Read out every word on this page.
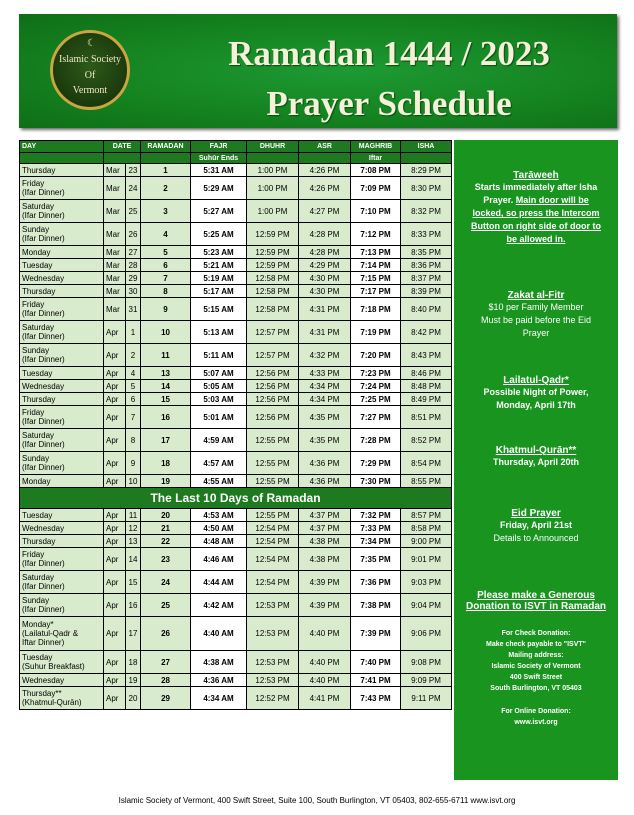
☾
Islamic Society
Of
Vermont
Ramadan 1444 / 2023
Prayer Schedule
DAY	DATE		RAMADAN	FAJR	DHUHR	ASR	MAGHRIB	ISHA
				Suhūr Ends			Iftar	

Thursday	Mar	23	1	5:31 AM	1:00 PM	4:26 PM	7:08 PM	8:29 PM

Friday
(Ifar Dinner)	Mar	24	2	5:29 AM	1:00 PM	4:26 PM	7:09 PM	8:30 PM

Saturday
(Ifar Dinner)	Mar	25	3	5:27 AM	1:00 PM	4:27 PM	7:10 PM	8:32 PM

Sunday
(Ifar Dinner)	Mar	26	4	5:25 AM	12:59 PM	4:28 PM	7:12 PM	8:33 PM

Monday	Mar	27	5	5:23 AM	12:59 PM	4:28 PM	7:13 PM	8:35 PM

Tuesday	Mar	28	6	5:21 AM	12:59 PM	4:29 PM	7:14 PM	8:36 PM

Wednesday	Mar	29	7	5:19 AM	12:58 PM	4:30 PM	7:15 PM	8:37 PM

Thursday	Mar	30	8	5:17 AM	12:58 PM	4:30 PM	7:17 PM	8:39 PM

Friday
(Ifar Dinner)	Mar	31	9	5:15 AM	12:58 PM	4:31 PM	7:18 PM	8:40 PM

Saturday
(Ifar Dinner)	Apr	1	10	5:13 AM	12:57 PM	4:31 PM	7:19 PM	8:42 PM

Sunday
(Ifar Dinner)	Apr	2	11	5:11 AM	12:57 PM	4:32 PM	7:20 PM	8:43 PM

Tuesday	Apr	4	13	5:07 AM	12:56 PM	4:33 PM	7:23 PM	8:46 PM

Wednesday	Apr	5	14	5:05 AM	12:56 PM	4:34 PM	7:24 PM	8:48 PM

Thursday	Apr	6	15	5:03 AM	12:56 PM	4:34 PM	7:25 PM	8:49 PM

Friday
(Ifar Dinner)	Apr	7	16	5:01 AM	12:56 PM	4:35 PM	7:27 PM	8:51 PM

Saturday
(Ifar Dinner)	Apr	8	17	4:59 AM	12:55 PM	4:35 PM	7:28 PM	8:52 PM

Sunday
(Ifar Dinner)	Apr	9	18	4:57 AM	12:55 PM	4:36 PM	7:29 PM	8:54 PM

Monday	Apr	10	19	4:55 AM	12:55 PM	4:36 PM	7:30 PM	8:55 PM
The Last 10 Days of Ramadan								

Tuesday	Apr	11	20	4:53 AM	12:55 PM	4:37 PM	7:32 PM	8:57 PM

Wednesday	Apr	12	21	4:50 AM	12:54 PM	4:37 PM	7:33 PM	8:58 PM

Thursday	Apr	13	22	4:48 AM	12:54 PM	4:38 PM	7:34 PM	9:00 PM

Friday
(Ifar Dinner)	Apr	14	23	4:46 AM	12:54 PM	4:38 PM	7:35 PM	9:01 PM

Saturday
(Ifar Dinner)	Apr	15	24	4:44 AM	12:54 PM	4:39 PM	7:36 PM	9:03 PM

Sunday
(Ifar Dinner)	Apr	16	25	4:42 AM	12:53 PM	4:39 PM	7:38 PM	9:04 PM

Monday*
(Lailatul-Qadr &
Iftar Dinner)	Apr	17	26	4:40 AM	12:53 PM	4:40 PM	7:39 PM	9:06 PM

Tuesday
(Suhur Breakfast)	Apr	18	27	4:38 AM	12:53 PM	4:40 PM	7:40 PM	9:08 PM

Wednesday	Apr	19	28	4:36 AM	12:53 PM	4:40 PM	7:41 PM	9:09 PM

Thursday**
(Khatmul-Qurān)	Apr	20	29	4:34 AM	12:52 PM	4:41 PM	7:43 PM	9:11 PM
Tarāweeh
Starts immediately after Isha
Prayer. Main door will be
locked, so press the Intercom
Button on right side of door to
be allowed in.
Zakat al-Fitr
$10 per Family Member
Must be paid before the Eid
Prayer
Lailatul-Qadr*
Possible Night of Power,
Monday, April 17th
Khatmul-Qurān**
Thursday, April 20th
Eid Prayer
Friday, April 21st
Details to Announced
Please make a Generous
Donation to ISVT in Ramadan
For Check Donation:
Make check payable to "ISVT"
Mailing address:
Islamic Society of Vermont
400 Swift Street
South Burlington, VT 05403
For Online Donation:
www.isvt.org
Islamic Society of Vermont, 400 Swift Street, Suite 100, South Burlington, VT 05403, 802-655-6711 www.isvt.org
